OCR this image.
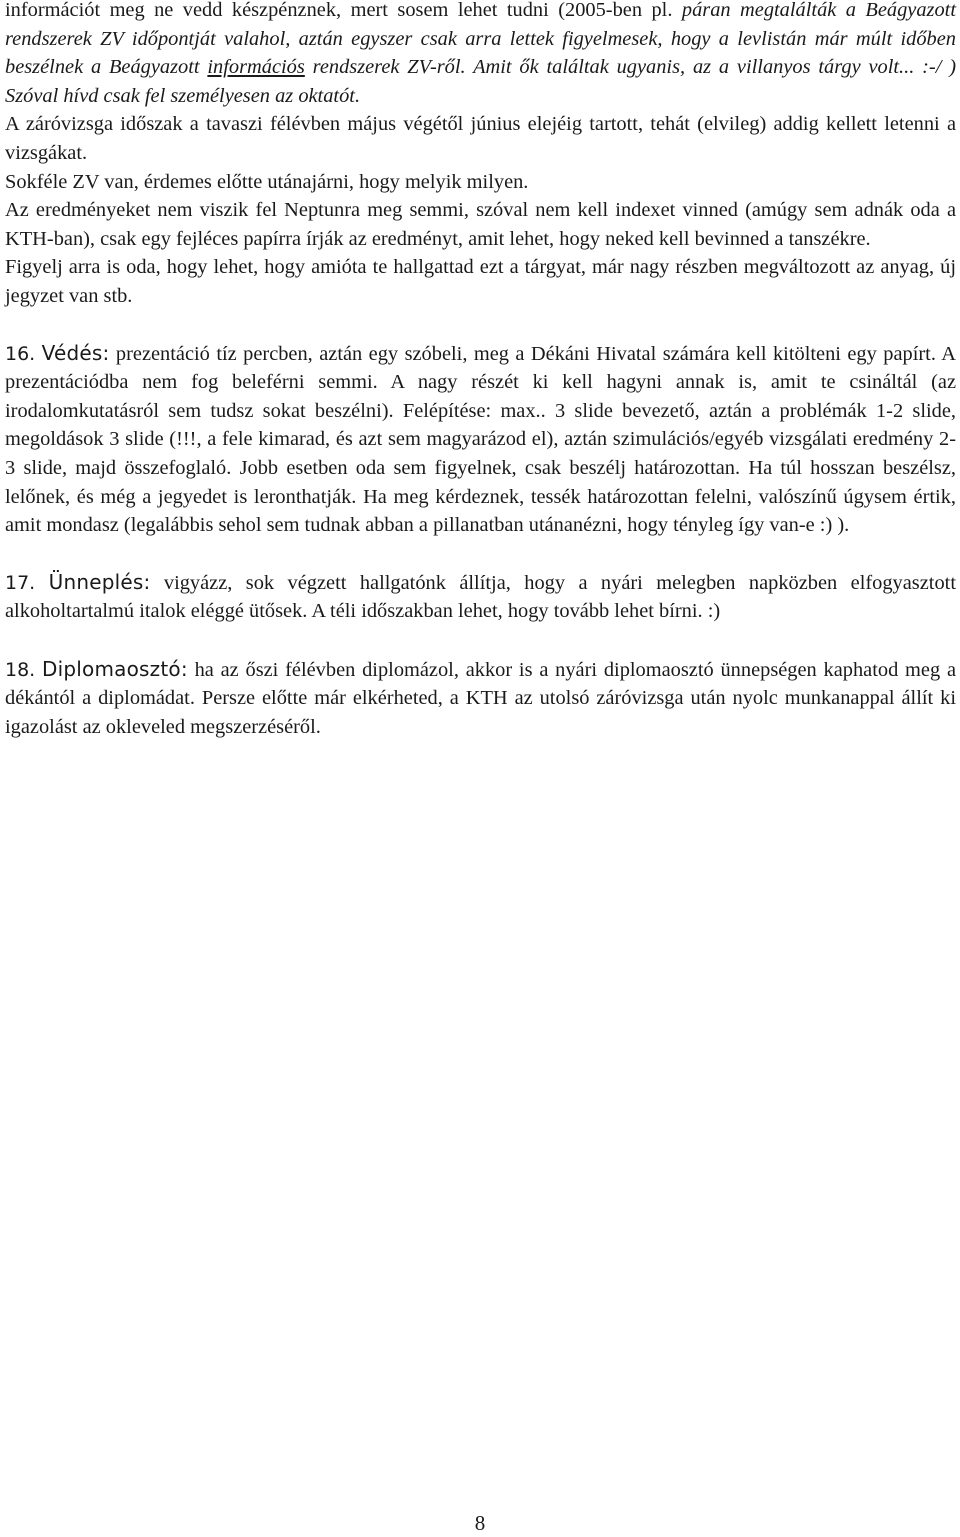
információt meg ne vedd készpénznek, mert sosem lehet tudni (2005-ben pl. páran megtalálták a Beágyazott rendszerek ZV időpontját valahol, aztán egyszer csak arra lettek figyelmesek, hogy a levlistán már múlt időben beszélnek a Beágyazott információs rendszerek ZV-ről. Amit ők találtak ugyanis, az a villanyos tárgy volt... :-/ ) Szóval hívd csak fel személyesen az oktatót.

A záróvizsga időszak a tavaszi félévben május végétől június elejéig tartott, tehát (elvileg) addig kellett letenni a vizsgákat.

Sokféle ZV van, érdemes előtte utánajárni, hogy melyik milyen.

Az eredményeket nem viszik fel Neptunra meg semmi, szóval nem kell indexet vinned (amúgy sem adnák oda a KTH-ban), csak egy fejléces papírra írják az eredményt, amit lehet, hogy neked kell bevinned a tanszékre.

Figyelj arra is oda, hogy lehet, hogy amióta te hallgattad ezt a tárgyat, már nagy részben megváltozott az anyag, új jegyzet van stb.

16. Védés: prezentáció tíz percben, aztán egy szóbeli, meg a Dékáni Hivatal számára kell kitölteni egy papírt. A prezentációdba nem fog beleférni semmi. A nagy részét ki kell hagyni annak is, amit te csináltál (az irodalomkutatásról sem tudsz sokat beszélni). Felépítése: max.. 3 slide bevezető, aztán a problémák 1-2 slide, megoldások 3 slide (!!!, a fele kimarad, és azt sem magyarázod el), aztán szimulációs/egyéb vizsgálati eredmény 2-3 slide, majd összefoglaló. Jobb esetben oda sem figyelnek, csak beszélj határozottan. Ha túl hosszan beszélsz, lelőnek, és még a jegyedet is leronthatják. Ha meg kérdeznek, tessék határozottan felelni, valószínű úgysem értik, amit mondasz (legalábbis sehol sem tudnak abban a pillanatban utánanézni, hogy tényleg így van-e :) ).

17. Ünneplés: vigyázz, sok végzett hallgatónk állítja, hogy a nyári melegben napközben elfogyasztott alkoholtartalmú italok eléggé ütősek. A téli időszakban lehet, hogy tovább lehet bírni. :)

18. Diplomaosztó: ha az őszi félévben diplomázol, akkor is a nyári diplomaosztó ünnepségen kaphatod meg a dékántól a diplomádat. Persze előtte már elkérheted, a KTH az utolsó záróvizsga után nyolc munkanappal állít ki igazolást az okleveled megszerzéséről.

8
